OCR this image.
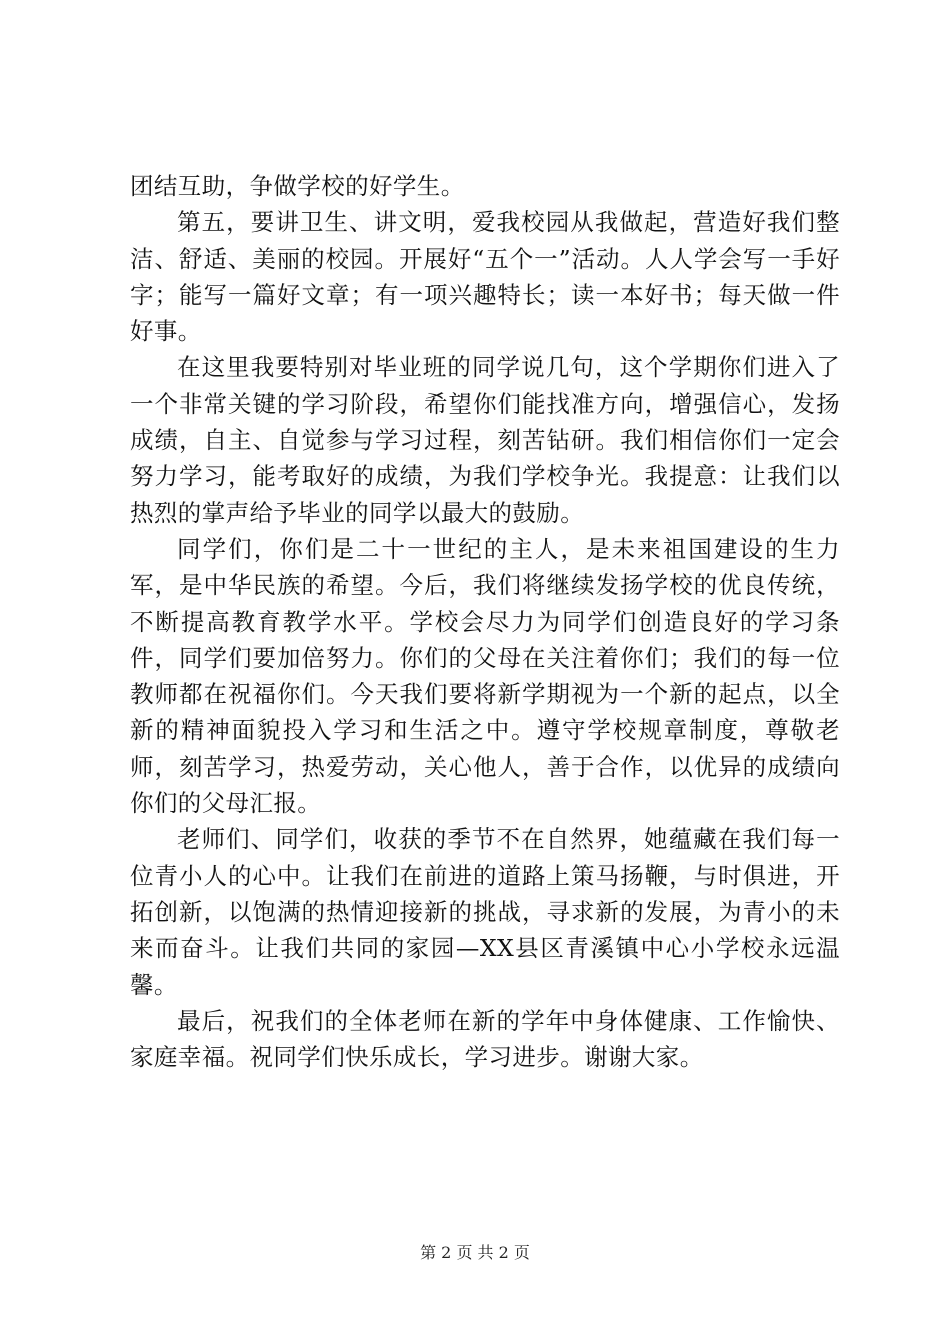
团结互助，争做学校的好学生。

第五，要讲卫生、讲文明，爱我校园从我做起，营造好我们整洁、舒适、美丽的校园。开展好“五个一”活动。人人学会写一手好字；能写一篇好文章；有一项兴趣特长；读一本好书；每天做一件好事。

在这里我要特别对毕业班的同学说几句，这个学期你们进入了一个非常关键的学习阶段，希望你们能找准方向，增强信心，发扬成绩，自主、自觉参与学习过程，刻苦钻研。我们相信你们一定会努力学习，能考取好的成绩，为我们学校争光。我提意：让我们以热烈的掌声给予毕业的同学以最大的鼓励。

同学们，你们是二十一世纪的主人，是未来祖国建设的生力军，是中华民族的希望。今后，我们将继续发扬学校的优良传统，不断提高教育教学水平。学校会尽力为同学们创造良好的学习条件，同学们要加倍努力。你们的父母在关注着你们；我们的每一位教师都在祝福你们。今天我们要将新学期视为一个新的起点，以全新的精神面貌投入学习和生活之中。遵守学校规章制度，尊敬老师，刻苦学习，热爱劳动，关心他人，善于合作，以优异的成绩向你们的父母汇报。

老师们、同学们，收获的季节不在自然界，她蕴藏在我们每一位青小人的心中。让我们在前进的道路上策马扬鞭，与时俱进，开拓创新，以饱满的热情迎接新的挑战，寻求新的发展，为青小的未来而奋斗。让我们共同的家园—XX县区青溪镇中心小学校永远温馨。

最后，祝我们的全体老师在新的学年中身体健康、工作愉快、家庭幸福。祝同学们快乐成长，学习进步。谢谢大家。

第 2 页 共 2 页
